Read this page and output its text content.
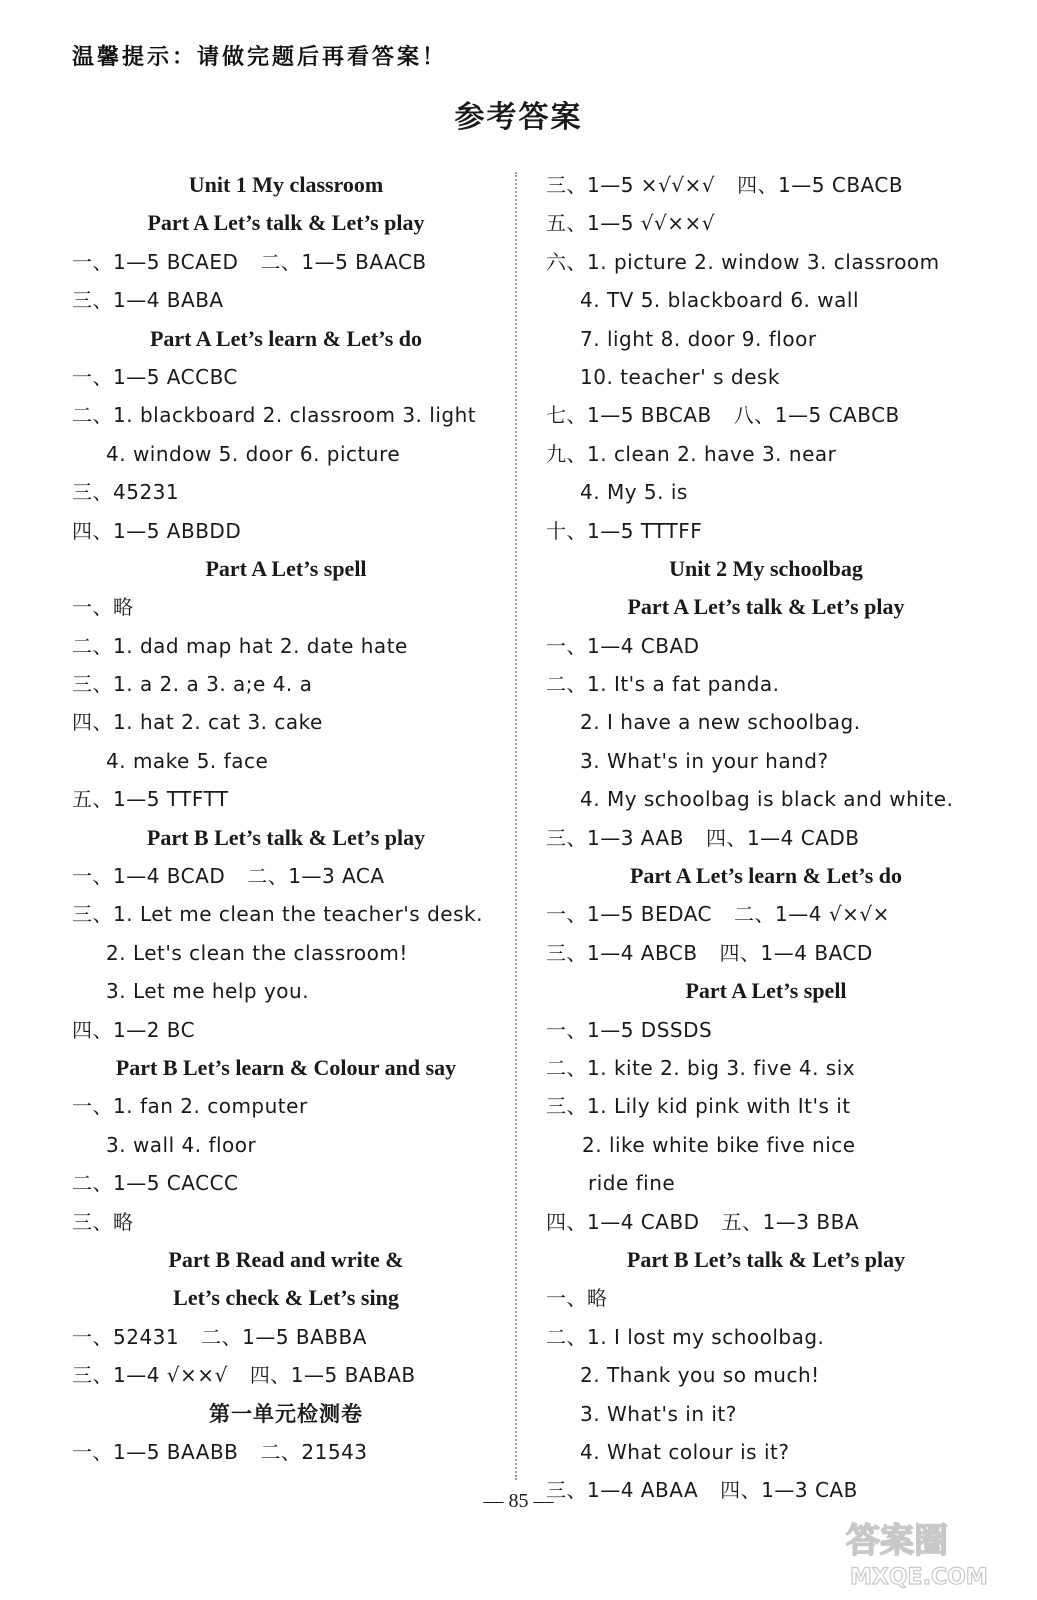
温馨提示：请做完题后再看答案！
参考答案
Unit 1 My classroom
Part A Let’s talk & Let’s play
一、1—5 BCAED 二、1—5 BAACB
三、1—4 BABA
Part A Let’s learn & Let’s do
一、1—5 ACCBC
二、1. blackboard 2. classroom 3. light
4. window 5. door 6. picture
三、45231
四、1—5 ABBDD
Part A Let’s spell
一、略
二、1. dad map hat 2. date hate
三、1. a 2. a 3. a;e 4. a
四、1. hat 2. cat 3. cake
4. make 5. face
五、1—5 TTFTT
Part B Let’s talk & Let’s play
一、1—4 BCAD 二、1—3 ACA
三、1. Let me clean the teacher's desk.
2. Let's clean the classroom!
3. Let me help you.
四、1—2 BC
Part B Let’s learn & Colour and say
一、1. fan 2. computer
3. wall 4. floor
二、1—5 CACCC
三、略
Part B Read and write &
Let’s check & Let’s sing
一、52431 二、1—5 BABBA
三、1—4 √××√ 四、1—5 BABAB
第一单元检测卷
一、1—5 BAABB 二、21543
三、1—5 ×√√×√ 四、1—5 CBACB
五、1—5 √√××√
六、1. picture 2. window 3. classroom
4. TV 5. blackboard 6. wall
7. light 8. door 9. floor
10. teacher' s desk
七、1—5 BBCAB 八、1—5 CABCB
九、1. clean 2. have 3. near
4. My 5. is
十、1—5 TTTFF
Unit 2 My schoolbag
Part A Let’s talk & Let’s play
一、1—4 CBAD
二、1. It's a fat panda.
2. I have a new schoolbag.
3. What's in your hand?
4. My schoolbag is black and white.
三、1—3 AAB 四、1—4 CADB
Part A Let’s learn & Let’s do
一、1—5 BEDAC 二、1—4 √×√×
三、1—4 ABCB 四、1—4 BACD
Part A Let’s spell
一、1—5 DSSDS
二、1. kite 2. big 3. five 4. six
三、1. Lily kid pink with It's it
2. like white bike five nice
ride fine
四、1—4 CABD 五、1—3 BBA
Part B Let’s talk & Let’s play
一、略
二、1. I lost my schoolbag.
2. Thank you so much!
3. What's in it?
4. What colour is it?
三、1—4 ABAA 四、1—3 CAB
— 85 —
答案圈
MXQE.COM
